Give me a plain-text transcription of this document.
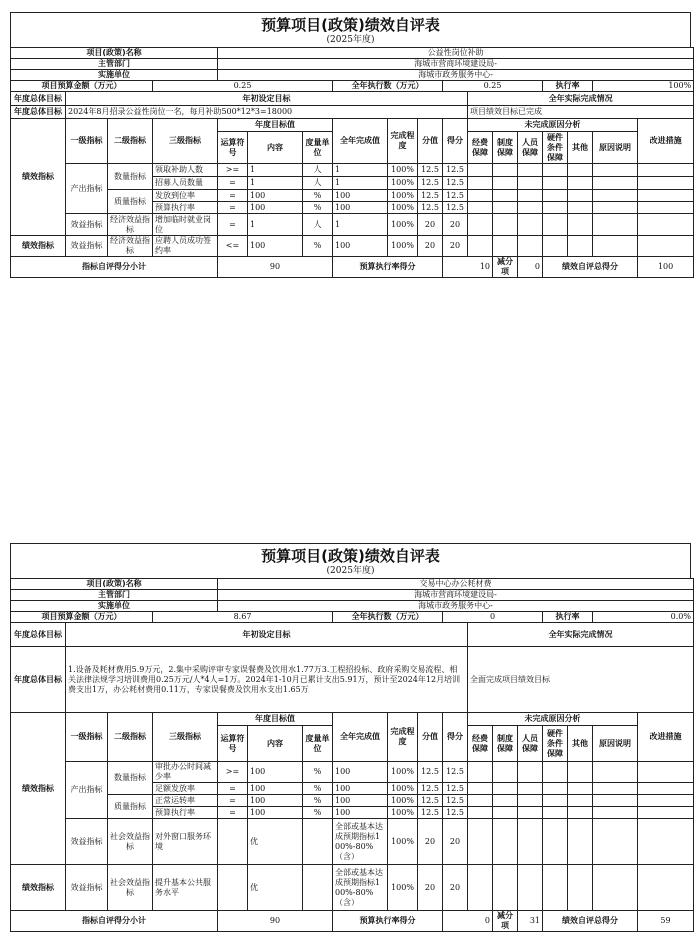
预算项目(政策)绩效自评表
(2025年度)
项目(政策)名称				公益性岗位补助													
主管部门				海城市营商环境建设局-													
实施单位				海城市政务服务中心-													
项目预算金额（万元）			0.25				全年执行数（万元）			0.25				执行率		100%	
年度总体目标	年初设定目标										全年实际完成情况						
年度总体目标	2024年8月招录公益性岗位一名，每月补助500*12*3=18000										项目绩效目标已完成						
绩效指标	一级指标	二级指标	三级指标	年度目标值			全年完成值	完成程度	分值	得分	未完成原因分析						改进措施
				运算符号	内容	度量单位					经费保障	制度保障	人员保障	硬件条件保障	其他	原因说明	
	产出指标	数量指标	领取补助人数	>=	1	人	1	100%	12.5	12.5							
			招募人员数量	=	1	人	1	100%	12.5	12.5							
		质量指标	发放到位率	=	100	%	100	100%	12.5	12.5							
			预算执行率	=	100	%	100	100%	12.5	12.5							
	效益指标	经济效益指标	增加临时就业岗位	=	1	人	1	100%	20	20							
绩效指标	效益指标	经济效益指标	应聘人员成功签约率	<=	100	%	100	100%	20	20							
指标自评得分小计				90			预算执行率得分			10		减分项	0	绩效自评总得分			100
预算项目(政策)绩效自评表
(2025年度)
项目(政策)名称				交易中心办公耗材费													
主管部门				海城市营商环境建设局-													
实施单位				海城市政务服务中心-													
项目预算金额（万元）			8.67				全年执行数（万元）			0				执行率		0.0%	
年度总体目标	年初设定目标										全年实际完成情况						
年度总体目标	1.设备及耗材费用5.9万元，2.集中采购评审专家误餐费及饮用水1.77万3.工程招投标、政府采购交易流程、相关法律法规学习培训费用0.25万元/人*4人=1万。2024年1-10月已累计支出5.91万，预计至2024年12月培训费支出1万，办公耗材费用0.11万，专家误餐费及饮用水支出1.65万										全面完成项目绩效目标						
绩效指标	一级指标	二级指标	三级指标	年度目标值			全年完成值	完成程度	分值	得分	未完成原因分析						改进措施
				运算符号	内容	度量单位					经费保障	制度保障	人员保障	硬件条件保障	其他	原因说明	
	产出指标	数量指标	审批办公时间减少率	>=	100	%	100	100%	12.5	12.5							
			足额发放率	=	100	%	100	100%	12.5	12.5							
		质量指标	正常运转率	=	100	%	100	100%	12.5	12.5							
			预算执行率	=	100	%	100	100%	12.5	12.5							
	效益指标	社会效益指标	对外窗口服务环境		优		全部或基本达成预期指标100%-80%（含）	100%	20	20							
绩效指标	效益指标	社会效益指标	提升基本公共服务水平		优		全部或基本达成预期指标100%-80%（含）	100%	20	20							
指标自评得分小计				90			预算执行率得分			0		减分项	31	绩效自评总得分			59
